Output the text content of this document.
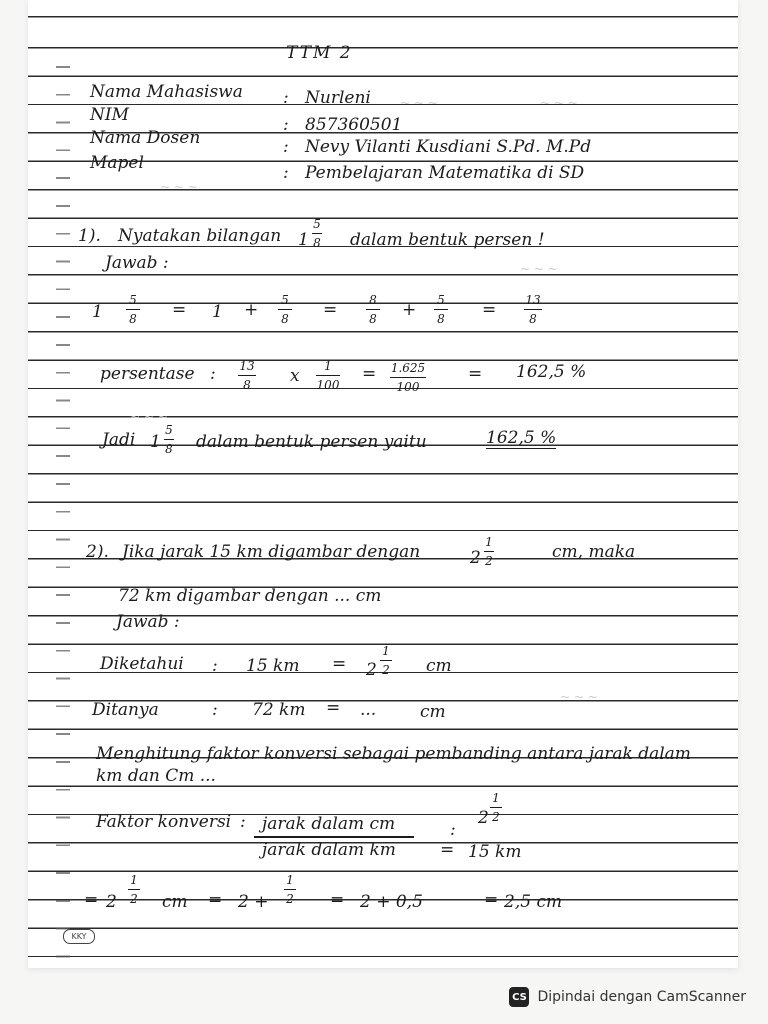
~ ~ ~	~ ~ ~
~ ~ ~
~ ~ ~
~ ~ ~
~ ~ ~
TTM 2
Nama Mahasiswa : Nurleni
NIM	: 857360501
Nama Dosen	: Nevy Vilanti Kusdiani S.Pd. M.Pd
Mapel	: Pembelajaran Matematika di SD
1). Nyatakan bilangan 1
5
8 dalam bentuk persen !
Jawab :
1
5
8 = 1 + 5
8 =	8
8 + 5
8 = 13
8
persentase : 13
8 x 1
100
= 1.625
100
= 162,5 %
Jadi 1
5
8 dalam bentuk persen yaitu	162,5 %
2). Jika jarak 15 km digambar dengan	2
1
2	cm, maka
72 km digambar dengan ... cm
Jawab :
Diketahui : 15 km = 2
1
2 cm
Ditanya	: 72 km = ...	cm
Menghitung faktor konversi sebagai pembanding antara jarak dalam
km dan Cm ...
Faktor konversi : jarak dalam cm
jarak dalam km	=
2
1
2
:
15 km
= 2
1
2 cm = 2 +
1
2 = 2 + 0,5	= 2,5 cm
KKY
CS Dipindai dengan CamScanner
